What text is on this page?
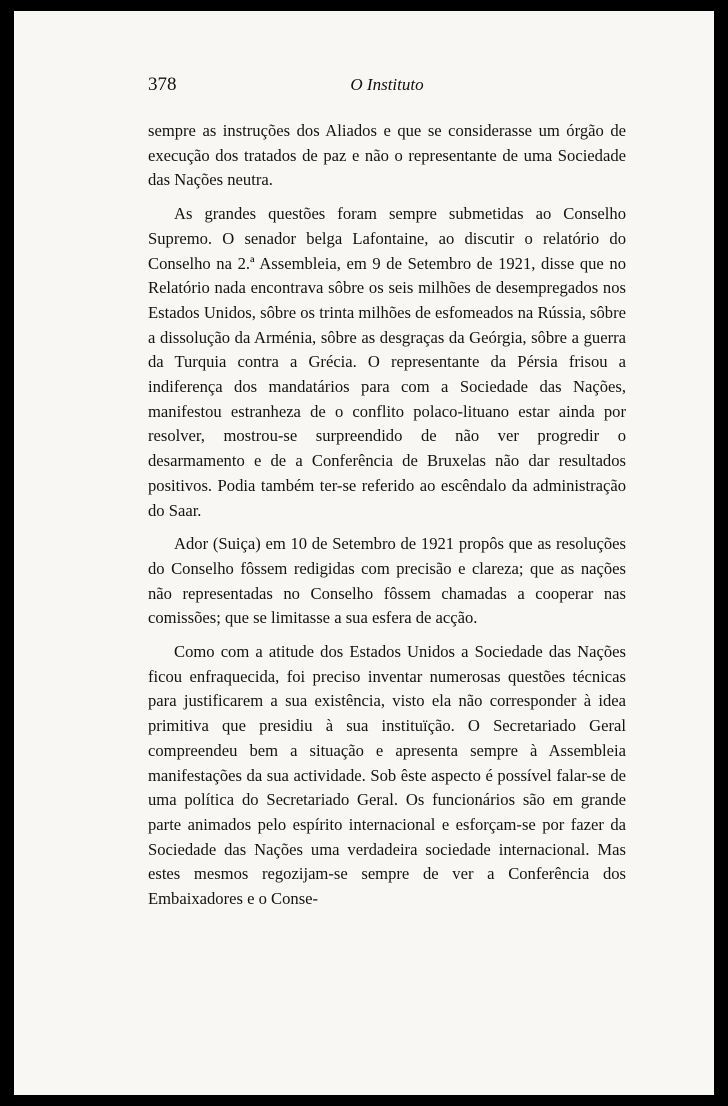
378	O Instituto

sempre as instruções dos Aliados e que se considerasse um órgão de execução dos tratados de paz e não o representante de uma Sociedade das Nações neutra.

As grandes questões foram sempre submetidas ao Conselho Supremo. O senador belga Lafontaine, ao discutir o relatório do Conselho na 2.ª Assembleia, em 9 de Setembro de 1921, disse que no Relatório nada encontrava sôbre os seis milhões de desempregados nos Estados Unidos, sôbre os trinta milhões de esfomeados na Rússia, sôbre a dissolução da Arménia, sôbre as desgraças da Geórgia, sôbre a guerra da Turquia contra a Grécia. O representante da Pérsia frisou a indiferença dos mandatários para com a Sociedade das Nações, manifestou estranheza de o conflito polaco-lituano estar ainda por resolver, mostrou-se surpreendido de não ver progredir o desarmamento e de a Conferência de Bruxelas não dar resultados positivos. Podia também ter-se referido ao escêndalo da administração do Saar.

Ador (Suiça) em 10 de Setembro de 1921 propôs que as resoluções do Conselho fôssem redigidas com precisão e clareza; que as nações não representadas no Conselho fôssem chamadas a cooperar nas comissões; que se limitasse a sua esfera de acção.

Como com a atitude dos Estados Unidos a Sociedade das Nações ficou enfraquecida, foi preciso inventar numerosas questões técnicas para justificarem a sua existência, visto ela não corresponder à idea primitiva que presidiu à sua instituïção. O Secretariado Geral compreendeu bem a situação e apresenta sempre à Assembleia manifestações da sua actividade. Sob êste aspecto é possível falar-se de uma política do Secretariado Geral. Os funcionários são em grande parte animados pelo espírito internacional e esforçam-se por fazer da Sociedade das Nações uma verdadeira sociedade internacional. Mas estes mesmos regozijam-se sempre de ver a Conferência dos Embaixadores e o Conse-
